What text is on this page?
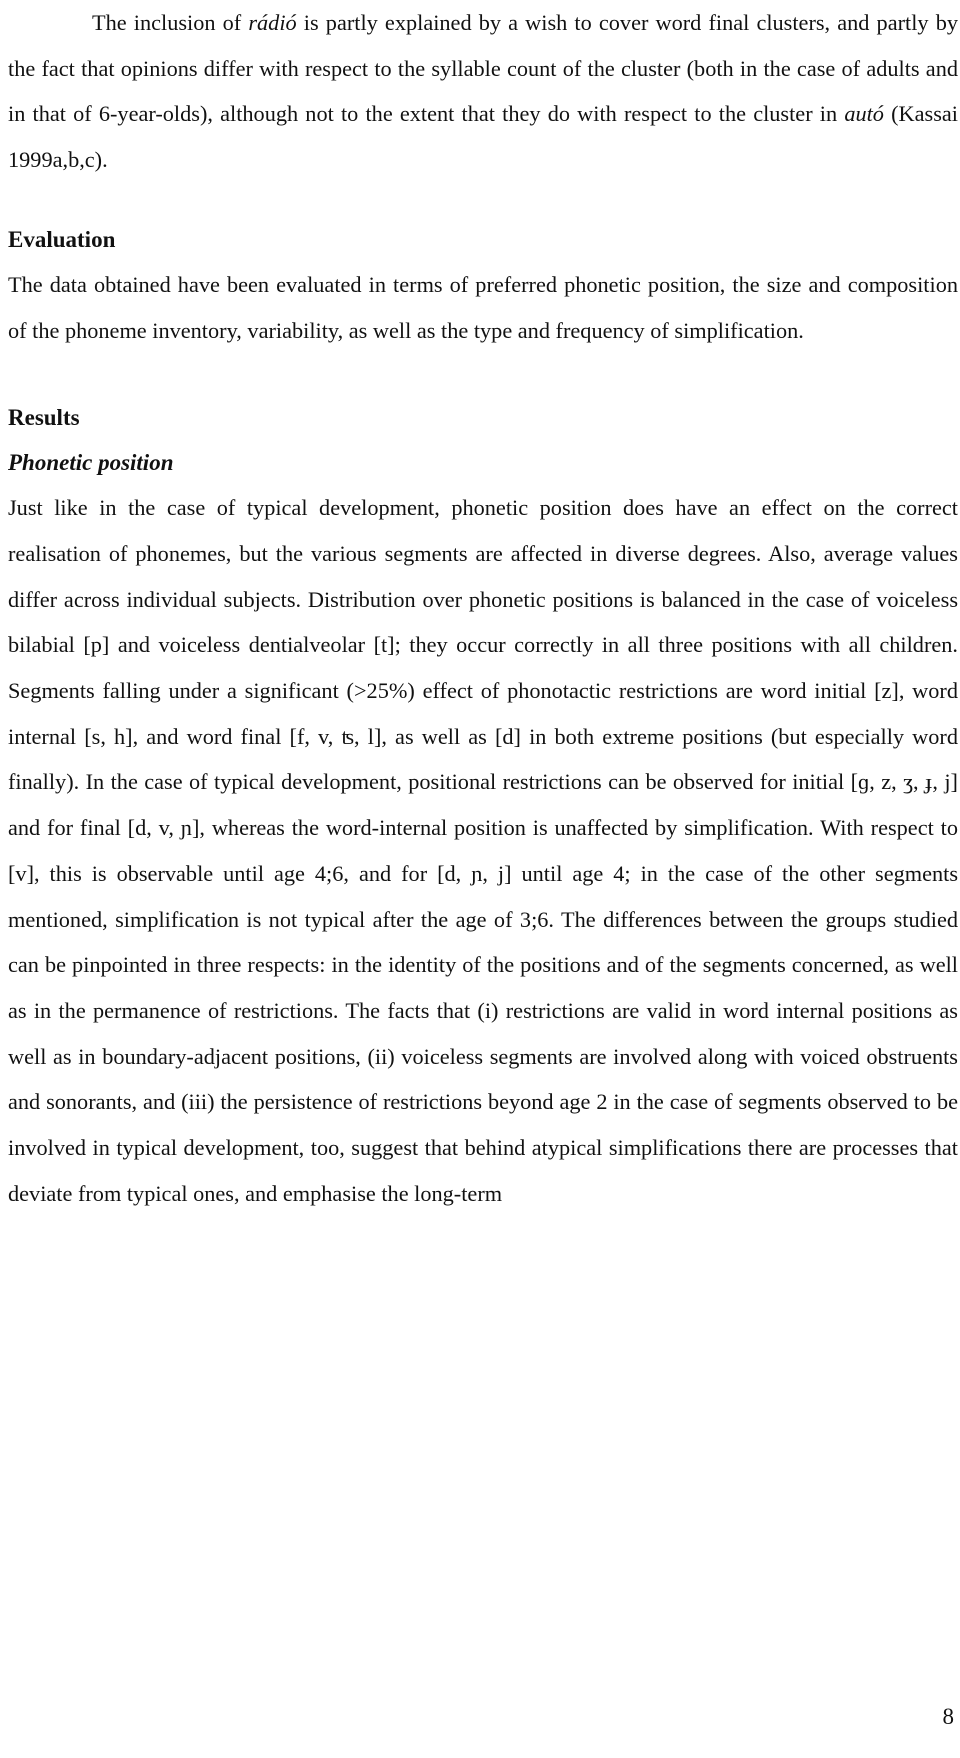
The inclusion of rádió is partly explained by a wish to cover word final clusters, and partly by the fact that opinions differ with respect to the syllable count of the cluster (both in the case of adults and in that of 6-year-olds), although not to the extent that they do with respect to the cluster in autó (Kassai 1999a,b,c).

Evaluation

The data obtained have been evaluated in terms of preferred phonetic position, the size and composition of the phoneme inventory, variability, as well as the type and frequency of simplification.

Results
Phonetic position

Just like in the case of typical development, phonetic position does have an effect on the correct realisation of phonemes, but the various segments are affected in diverse degrees. Also, average values differ across individual subjects. Distribution over phonetic positions is balanced in the case of voiceless bilabial [p] and voiceless dentialveolar [t]; they occur correctly in all three positions with all children. Segments falling under a significant (>25%) effect of phonotactic restrictions are word initial [z], word internal [s, h], and word final [f, v, ʦ, l], as well as [d] in both extreme positions (but especially word finally). In the case of typical development, positional restrictions can be observed for initial [ɡ, z, ʒ, ɟ, j] and for final [d, v, ɲ], whereas the word-internal position is unaffected by simplification. With respect to [v], this is observable until age 4;6, and for [d, ɲ, j] until age 4; in the case of the other segments mentioned, simplification is not typical after the age of 3;6. The differences between the groups studied can be pinpointed in three respects: in the identity of the positions and of the segments concerned, as well as in the permanence of restrictions. The facts that (i) restrictions are valid in word internal positions as well as in boundary-adjacent positions, (ii) voiceless segments are involved along with voiced obstruents and sonorants, and (iii) the persistence of restrictions beyond age 2 in the case of segments observed to be involved in typical development, too, suggest that behind atypical simplifications there are processes that deviate from typical ones, and emphasise the long-term

8
